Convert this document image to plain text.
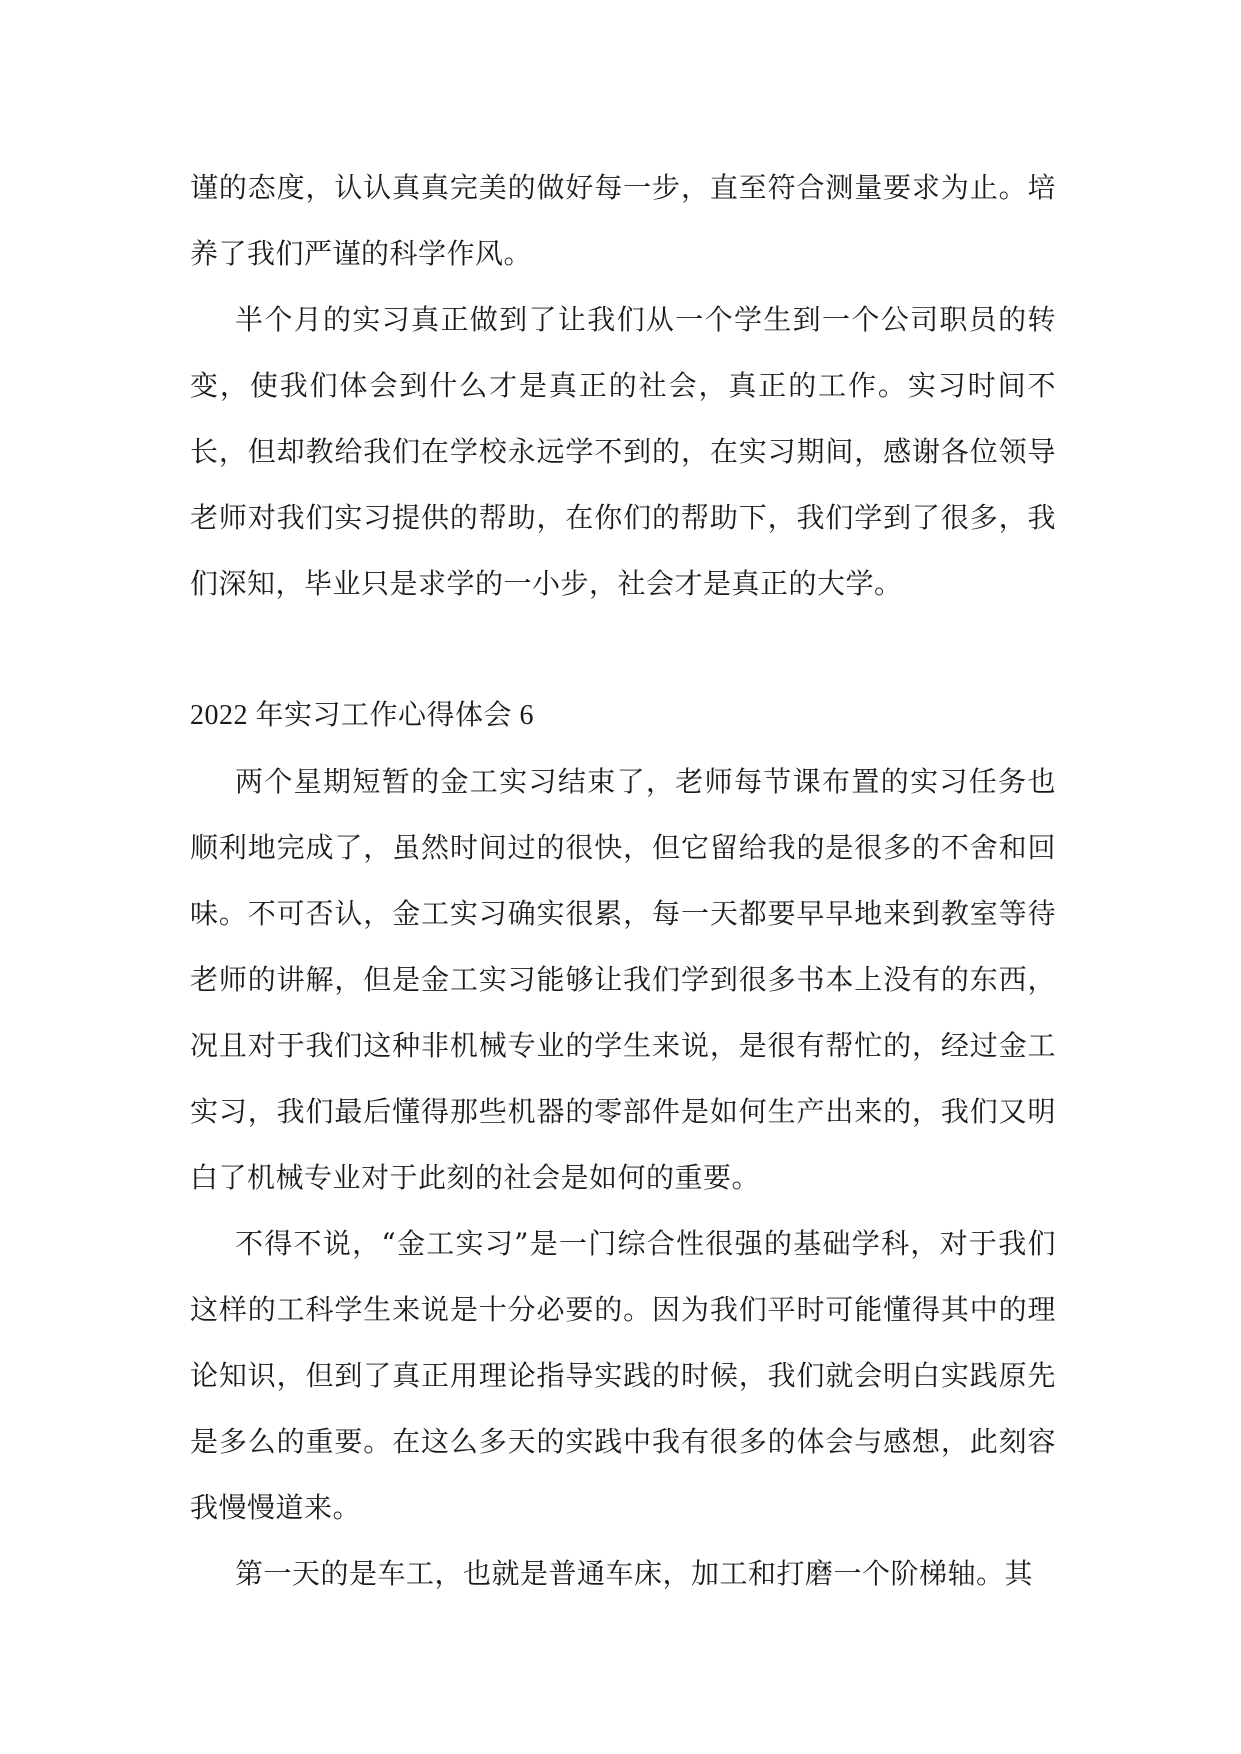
谨的态度，认认真真完美的做好每一步，直至符合测量要求为止。培养了我们严谨的科学作风。

半个月的实习真正做到了让我们从一个学生到一个公司职员的转变，使我们体会到什么才是真正的社会，真正的工作。实习时间不长，但却教给我们在学校永远学不到的，在实习期间，感谢各位领导老师对我们实习提供的帮助，在你们的帮助下，我们学到了很多，我们深知，毕业只是求学的一小步，社会才是真正的大学。

2022 年实习工作心得体会 6

两个星期短暂的金工实习结束了，老师每节课布置的实习任务也顺利地完成了，虽然时间过的很快，但它留给我的是很多的不舍和回味。不可否认，金工实习确实很累，每一天都要早早地来到教室等待老师的讲解，但是金工实习能够让我们学到很多书本上没有的东西，况且对于我们这种非机械专业的学生来说，是很有帮忙的，经过金工实习，我们最后懂得那些机器的零部件是如何生产出来的，我们又明白了机械专业对于此刻的社会是如何的重要。

不得不说，“金工实习”是一门综合性很强的基础学科，对于我们这样的工科学生来说是十分必要的。因为我们平时可能懂得其中的理论知识，但到了真正用理论指导实践的时候，我们就会明白实践原先是多么的重要。在这么多天的实践中我有很多的体会与感想，此刻容我慢慢道来。

第一天的是车工，也就是普通车床，加工和打磨一个阶梯轴。其
